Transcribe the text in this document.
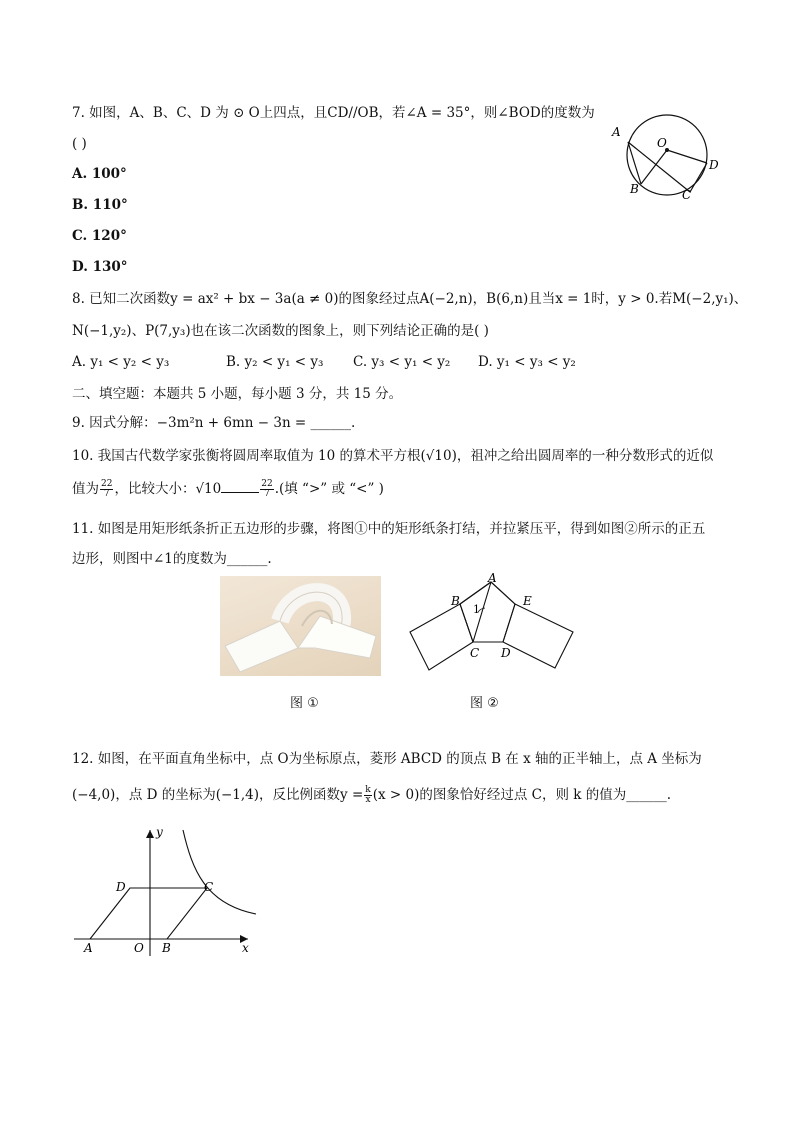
7. 如图，A、B、C、D 为 ⊙ O上四点，且CD//OB，若∠A = 35°，则∠BOD的度数为
( )
A. 100°
B. 110°
C. 120°
D. 130°
A
O
D
B	C
8. 已知二次函数y = ax² + bx − 3a(a ≠ 0)的图象经过点A(−2,n)，B(6,n)且当x = 1时，y > 0.若M(−2,y₁)、
N(−1,y₂)、P(7,y₃)也在该二次函数的图象上，则下列结论正确的是( )
A. y₁ < y₂ < y₃	B. y₂ < y₁ < y₃ C. y₃ < y₁ < y₂ D. y₁ < y₃ < y₂
二、填空题：本题共 5 小题，每小题 3 分，共 15 分。
9. 因式分解：−3m²n + 6mn − 3n = ______.
10. 我国古代数学家张衡将圆周率取值为 10 的算术平方根(√10)，祖冲之给出圆周率的一种分数形式的近似
值为 $\frac{22}{7}$ ，比较大小：√10	$\frac{22}{7}$ .(填 “>” 或 “<” )
11. 如图是用矩形纸条折正五边形的步骤，将图①中的矩形纸条打结，并拉紧压平，得到如图②所示的正五
边形，则图中∠1的度数为______.
图 ①
A
B	E
C D
1
图 ②
12. 如图，在平面直角坐标中，点 O为坐标原点，菱形 ABCD 的顶点 B 在 x 轴的正半轴上，点 A 坐标为
(−4,0)，点 D 的坐标为(−1,4)，反比例函数$y = \frac{k}{x} (x > 0)$的图象恰好经过点 C，则 k 的值为______.
y
x
D	C
A	O B
